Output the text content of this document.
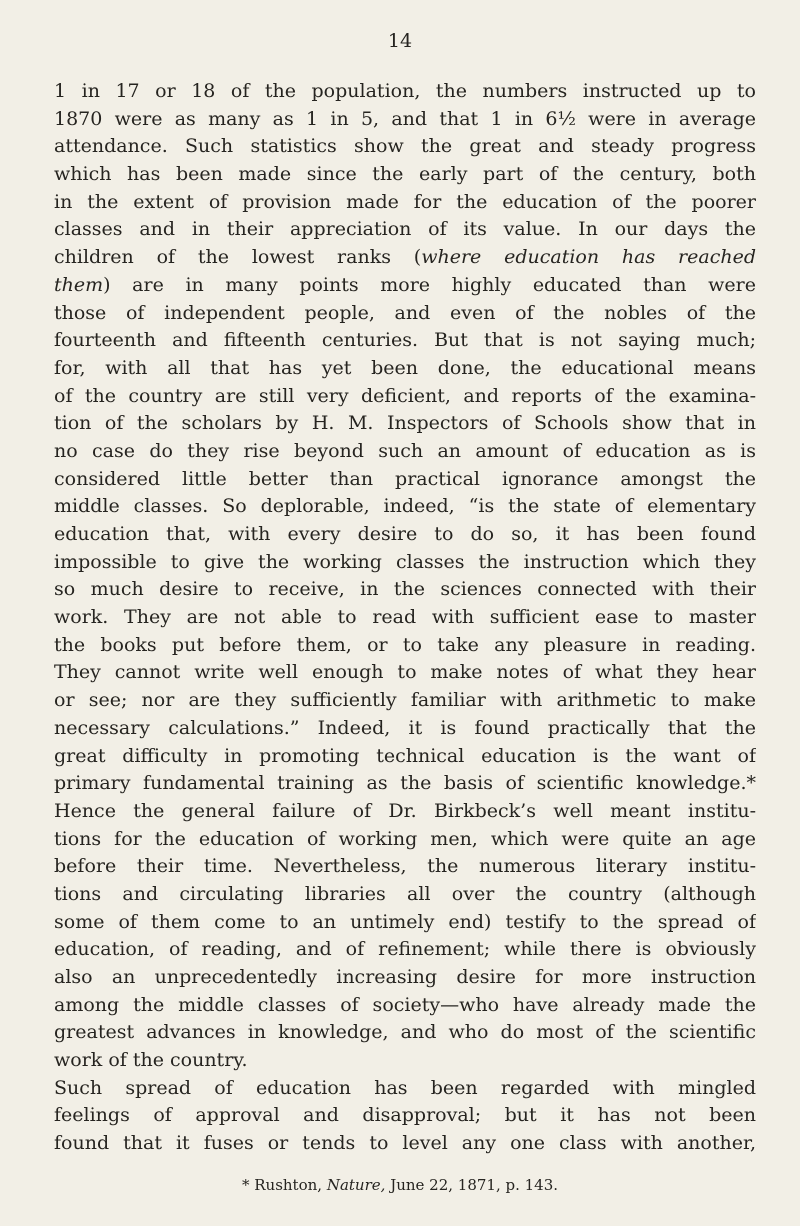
14
1 in 17 or 18 of the population, the numbers instructed up to
1870 were as many as 1 in 5, and that 1 in 6½ were in average
attendance. Such statistics show the great and steady progress
which has been made since the early part of the century, both
in the extent of provision made for the education of the poorer
classes and in their appreciation of its value. In our days the
children of the lowest ranks (where education has reached
them) are in many points more highly educated than were
those of independent people, and even of the nobles of the
fourteenth and fifteenth centuries. But that is not saying much;
for, with all that has yet been done, the educational means
of the country are still very deficient, and reports of the examina-
tion of the scholars by H. M. Inspectors of Schools show that in
no case do they rise beyond such an amount of education as is
considered little better than practical ignorance amongst the
middle classes. So deplorable, indeed, “is the state of elementary
education that, with every desire to do so, it has been found
impossible to give the working classes the instruction which they
so much desire to receive, in the sciences connected with their
work. They are not able to read with sufficient ease to master
the books put before them, or to take any pleasure in reading.
They cannot write well enough to make notes of what they hear
or see; nor are they sufficiently familiar with arithmetic to make
necessary calculations.” Indeed, it is found practically that the
great difficulty in promoting technical education is the want of
primary fundamental training as the basis of scientific knowledge.*
Hence the general failure of Dr. Birkbeck’s well meant institu-
tions for the education of working men, which were quite an age
before their time. Nevertheless, the numerous literary institu-
tions and circulating libraries all over the country (although
some of them come to an untimely end) testify to the spread of
education, of reading, and of refinement; while there is obviously
also an unprecedentedly increasing desire for more instruction
among the middle classes of society—who have already made the
greatest advances in knowledge, and who do most of the scientific
work of the country.
Such spread of education has been regarded with mingled
feelings of approval and disapproval; but it has not been
found that it fuses or tends to level any one class with another,
* Rushton, Nature, June 22, 1871, p. 143.
